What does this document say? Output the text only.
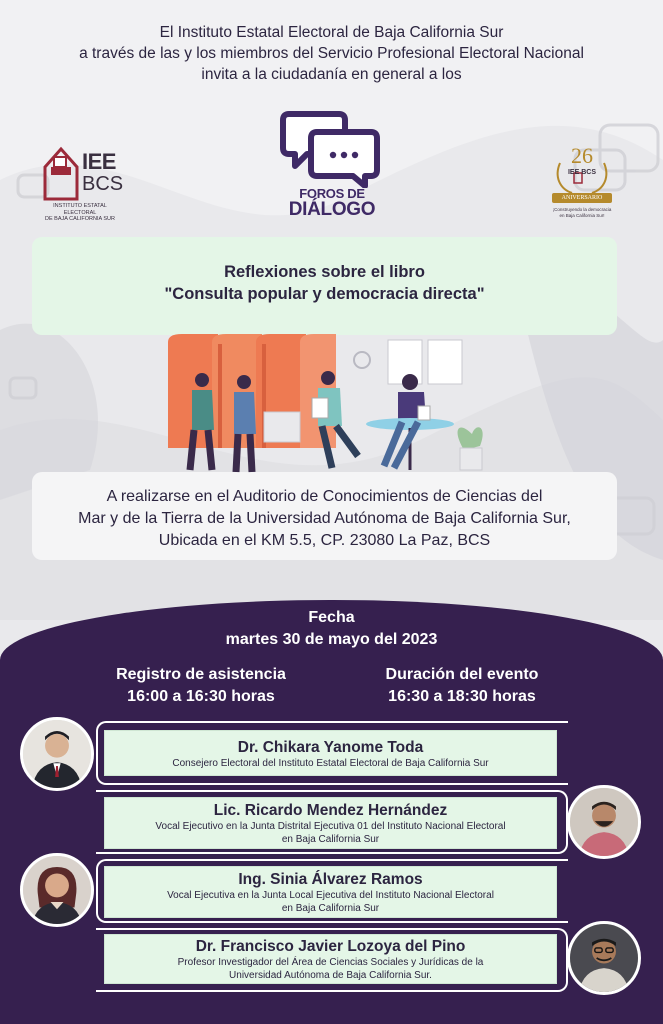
El Instituto Estatal Electoral de Baja California Sur
a través de las y los miembros del Servicio Profesional Electoral Nacional
invita a la ciudadanía en general a los
IEE
BCS
INSTITUTO ESTATAL ELECTORAL
DE BAJA CALIFORNIA SUR
FOROS DE
DIÁLOGO
26
IEE BCS
ANIVERSARIO
¡Construyendo la democracia
en Baja California Sur!
Reflexiones sobre el libro
"Consulta popular y democracia directa"
A realizarse en el Auditorio de Conocimientos de Ciencias del
Mar y de la Tierra de la Universidad Autónoma de Baja California Sur,
Ubicada en el KM 5.5, CP. 23080 La Paz, BCS
Fecha
martes 30 de mayo del 2023
Registro de asistencia
16:00 a 16:30 horas
Duración del evento
16:30 a 18:30 horas
Dr. Chikara Yanome Toda
Consejero Electoral del Instituto Estatal Electoral de Baja California Sur
Lic. Ricardo Mendez Hernández
Vocal Ejecutivo en la Junta Distrital Ejecutiva 01 del Instituto Nacional Electoral
en Baja California Sur
Ing. Sinia Álvarez Ramos
Vocal Ejecutiva en la Junta Local Ejecutiva del Instituto Nacional Electoral
en Baja California Sur
Dr. Francisco Javier Lozoya del Pino
Profesor Investigador del Área de Ciencias Sociales y Jurídicas de la
Universidad Autónoma de Baja California Sur.
